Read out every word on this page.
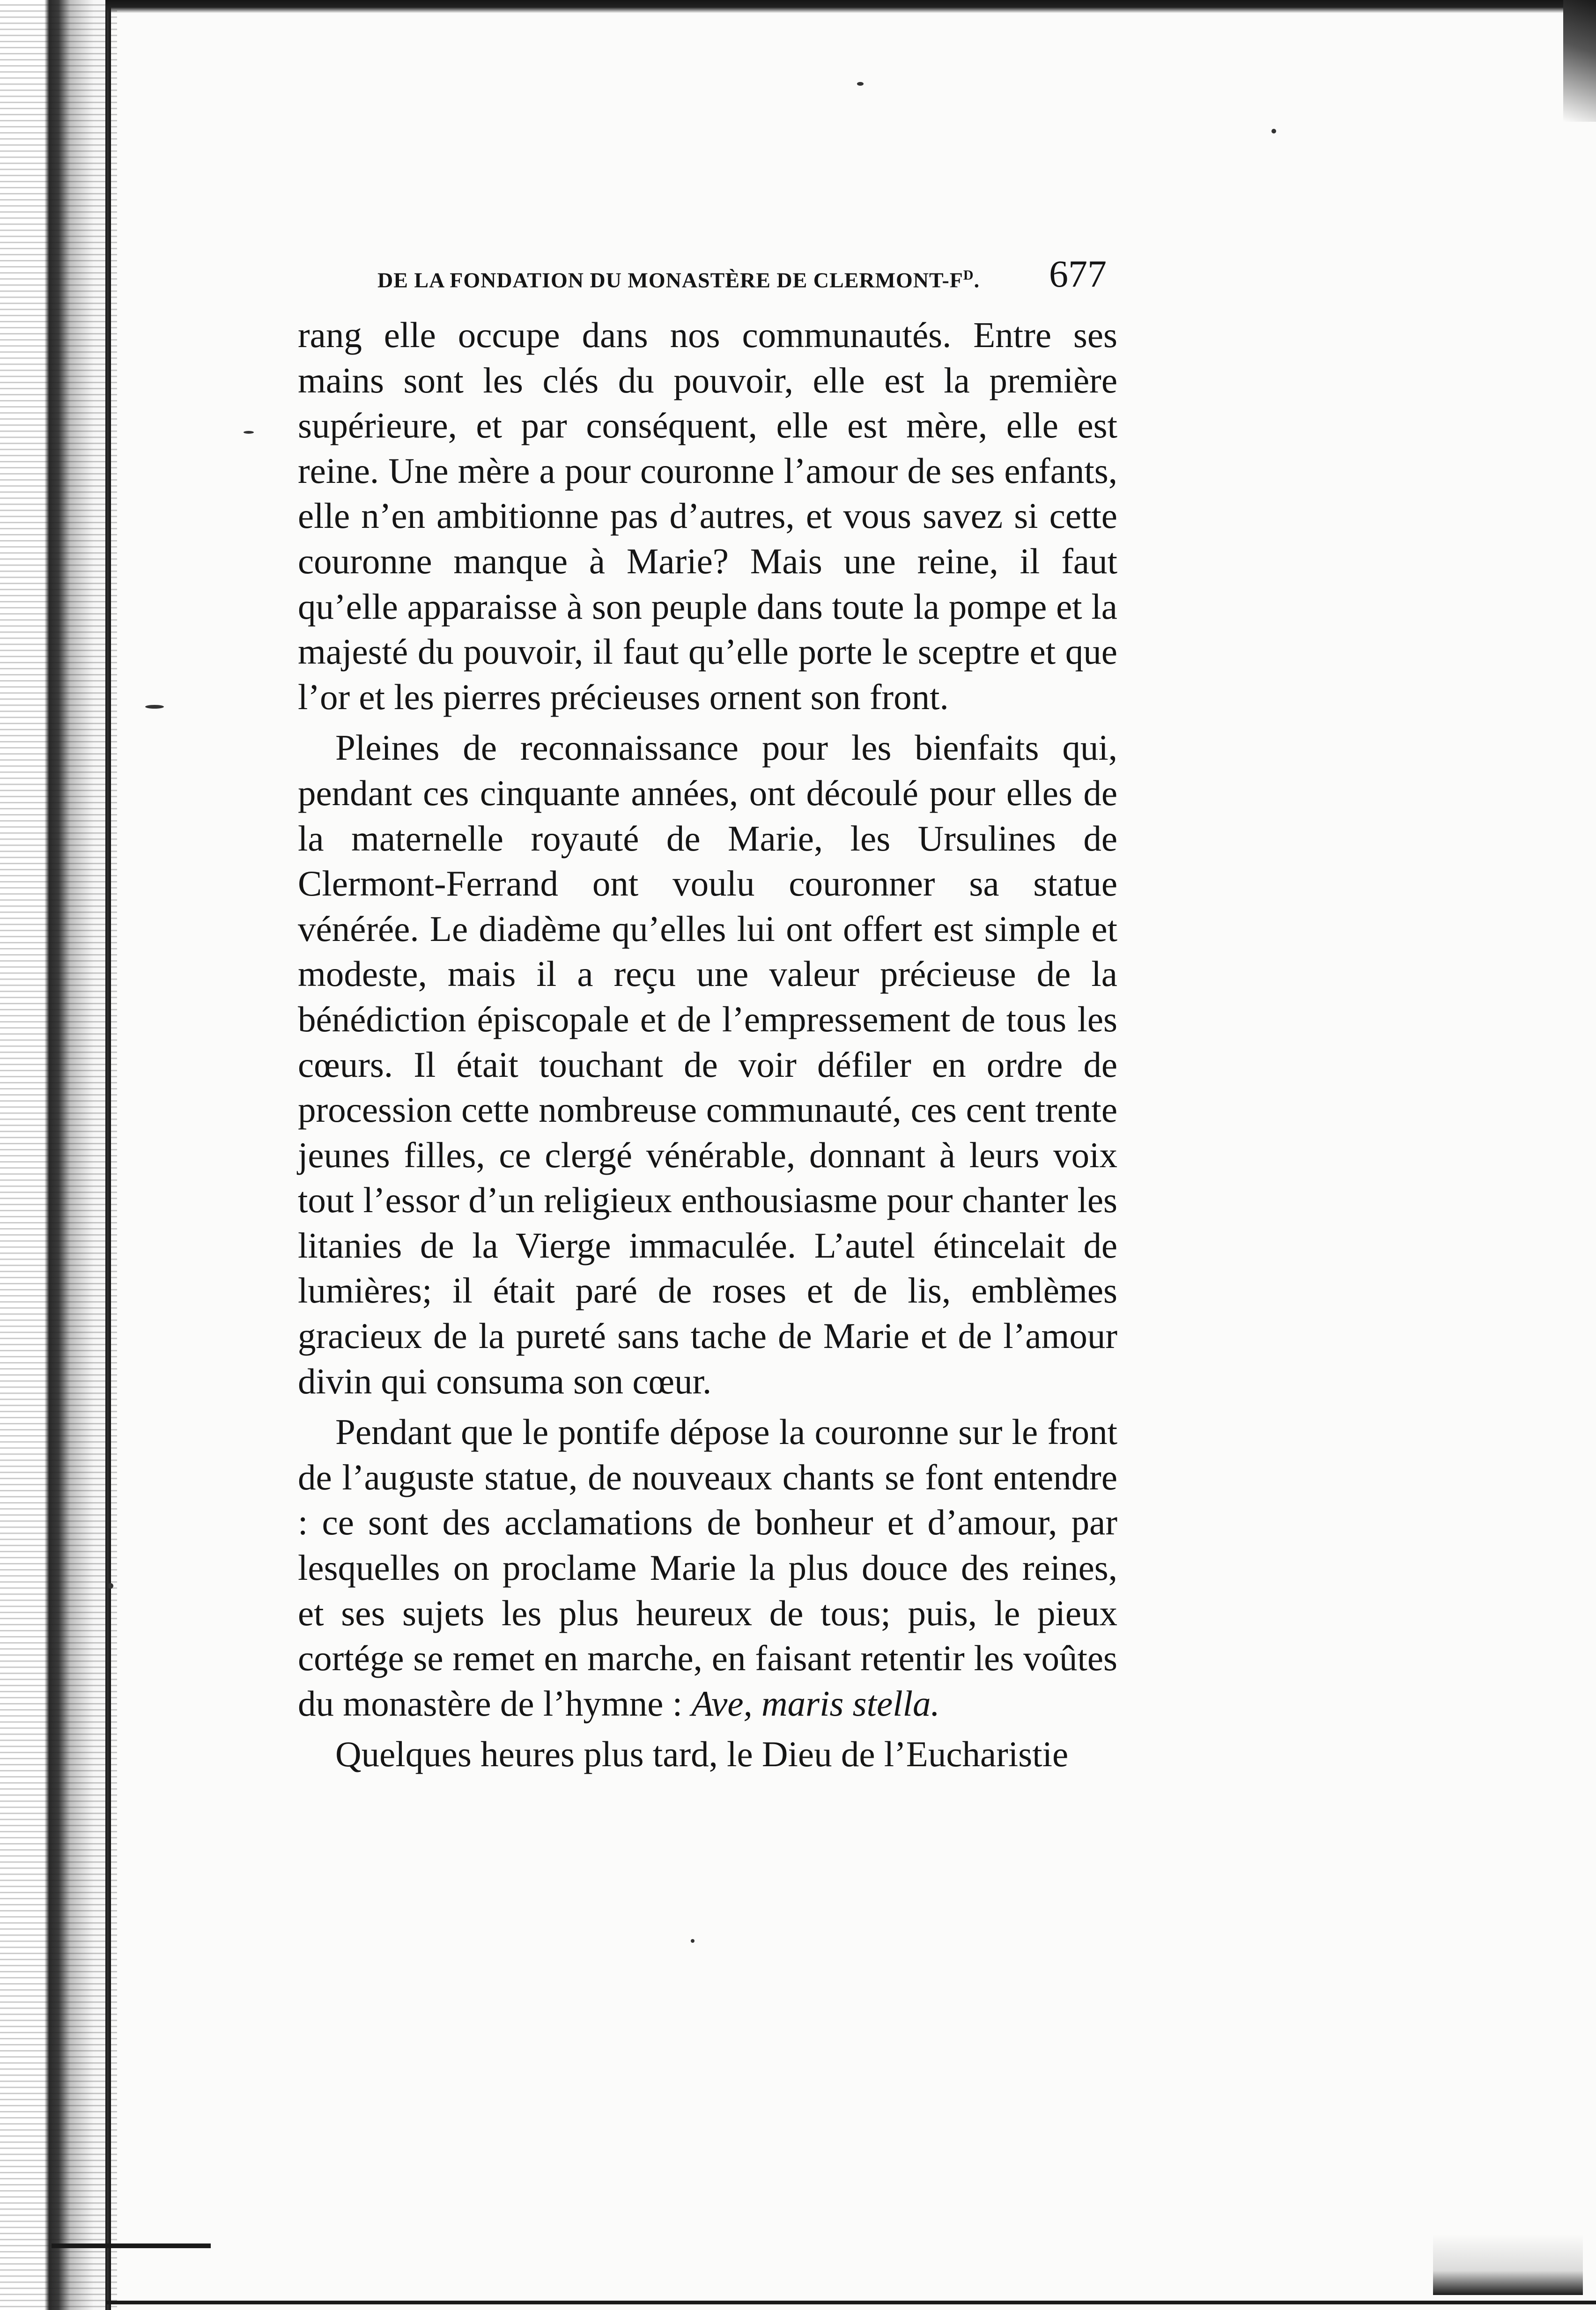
DE LA FONDATION DU MONASTÈRE DE CLERMONT-$F^D$.	677

rang elle occupe dans nos communautés. Entre ses mains sont les clés du pouvoir, elle est la première supérieure, et par conséquent, elle est mère, elle est reine. Une mère a pour couronne l’amour de ses enfants, elle n’en ambitionne pas d’autres, et vous savez si cette couronne manque à Marie? Mais une reine, il faut qu’elle apparaisse à son peuple dans toute la pompe et la majesté du pouvoir, il faut qu’elle porte le sceptre et que l’or et les pierres précieuses ornent son front.

Pleines de reconnaissance pour les bienfaits qui, pendant ces cinquante années, ont découlé pour elles de la maternelle royauté de Marie, les Ursulines de Clermont-Ferrand ont voulu couronner sa statue vénérée. Le diadème qu’elles lui ont offert est simple et modeste, mais il a reçu une valeur précieuse de la bénédiction épiscopale et de l’empressement de tous les cœurs. Il était touchant de voir défiler en ordre de procession cette nombreuse communauté, ces cent trente jeunes filles, ce clergé vénérable, donnant à leurs voix tout l’essor d’un religieux enthousiasme pour chanter les litanies de la Vierge immaculée. L’autel étincelait de lumières; il était paré de roses et de lis, emblèmes gracieux de la pureté sans tache de Marie et de l’amour divin qui consuma son cœur.

Pendant que le pontife dépose la couronne sur le front de l’auguste statue, de nouveaux chants se font entendre : ce sont des acclamations de bonheur et d’amour, par lesquelles on proclame Marie la plus douce des reines, et ses sujets les plus heureux de tous; puis, le pieux cortége se remet en marche, en faisant retentir les voûtes du monastère de l’hymne : Ave, maris stella.

Quelques heures plus tard, le Dieu de l’Eucharistie
